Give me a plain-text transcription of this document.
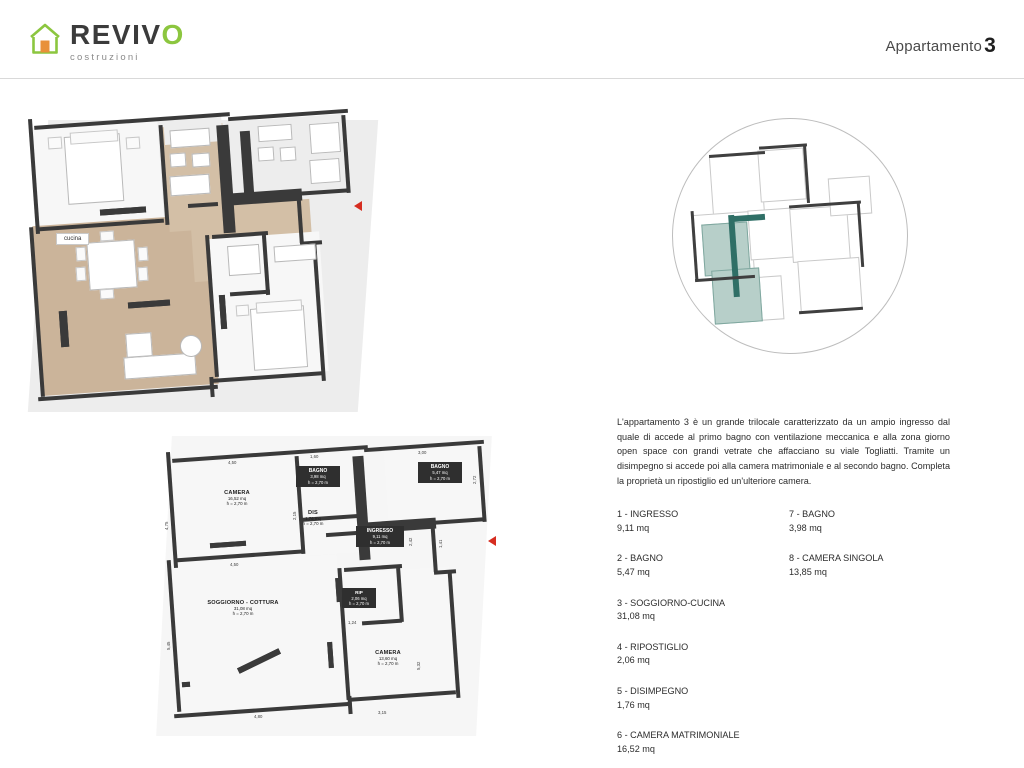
REVIVO
costruzioni
Appartamento3
cucina
CAMERA
16,52 mq
h = 2,70 m
SOGGIORNO - COTTURA
31,08 mq
h = 2,70 m
CAMERA
13,60 mq
h = 2,70 m
BAGNO
3,98 mq
h = 2,70 m
BAGNO
5,47 mq
h = 2,70 m
INGRESSO
9,11 mq
h = 2,70 m
RIP
2,06 mq
h = 2,70 m
DIS
1,76 mq
h = 2,70 m
4,50
1,60
3,00
4,75
2,15
4,50
2,42	1,41
2,72
5,45
1,24
5,32
4,80
3,15
L'appartamento 3 è un grande trilocale caratterizzato da un ampio ingresso dal quale di accede al primo bagno con ventilazione meccanica e alla zona giorno open space con grandi vetrate che affacciano su viale Togliatti. Tramite un disimpegno si accede poi alla camera matrimoniale e al secondo bagno. Completa la proprietà un ripostiglio ed un'ulteriore camera.
1 - INGRESSO
9,11 mq
2 - BAGNO
5,47 mq
3 - SOGGIORNO-CUCINA
31,08 mq
4 - RIPOSTIGLIO
2,06 mq
5 - DISIMPEGNO
1,76 mq
6 - CAMERA MATRIMONIALE
16,52 mq
7 - BAGNO
3,98 mq
8 - CAMERA SINGOLA
13,85 mq
